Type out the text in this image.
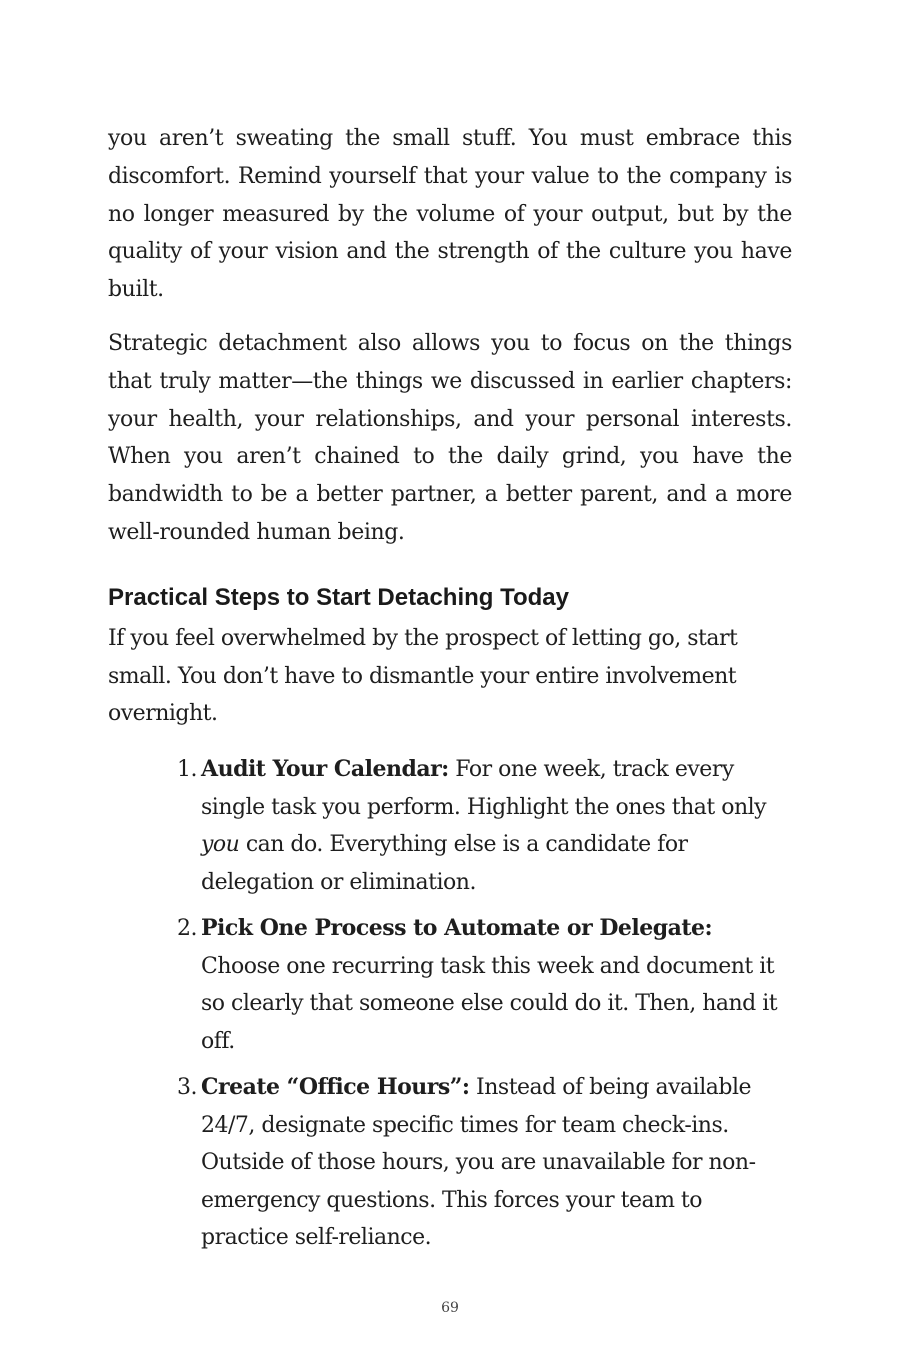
you aren’t sweating the small stuff. You must embrace this discomfort. Remind yourself that your value to the company is no longer measured by the volume of your output, but by the quality of your vision and the strength of the culture you have built.

Strategic detachment also allows you to focus on the things that truly matter—the things we discussed in earlier chapters: your health, your relationships, and your personal interests. When you aren’t chained to the daily grind, you have the bandwidth to be a better partner, a better parent, and a more well-rounded human being.

Practical Steps to Start Detaching Today

If you feel overwhelmed by the prospect of letting go, start small. You don’t have to dismantle your entire involvement overnight.

1. Audit Your Calendar: For one week, track every single task you perform. Highlight the ones that only you can do. Everything else is a candidate for delegation or elimination.
2. Pick One Process to Automate or Delegate:
Choose one recurring task this week and document it so clearly that someone else could do it. Then, hand it off.
3. Create “Office Hours”: Instead of being available 24/7, designate specific times for team check-ins. Outside of those hours, you are unavailable for non-emergency questions. This forces your team to practice self-reliance.
69
